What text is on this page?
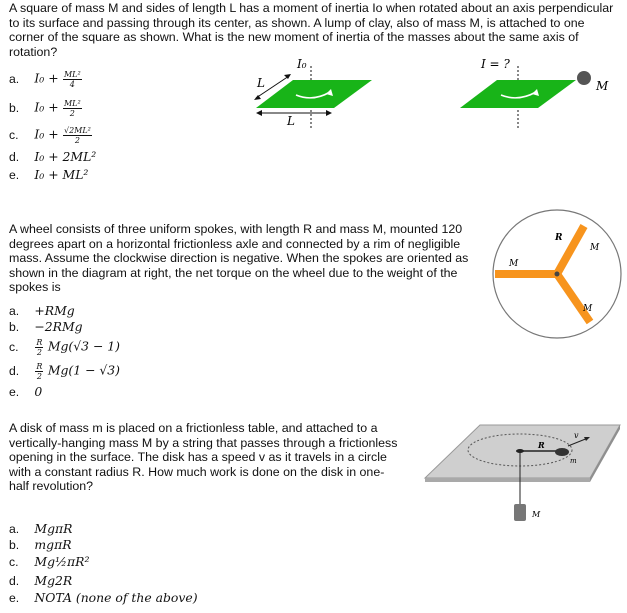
A square of mass M and sides of length L has a moment of inertia Io when rotated about an axis perpendicular to its surface and passing through its center, as shown. A lump of clay, also of mass M, is attached to one corner of the square as shown. What is the new moment of inertia of the masses about the same axis of rotation?
a. $I_0 + \frac{\text{ML²}}{4}$
b. $I_0 + \frac{\text{ML²}}{2}$
c. $I_0 + \frac{\text{√2ML²}}{2}$
d. I₀ + 2ML²
e. I₀ + ML²
I₀
L
L
I = ?
M
A wheel consists of three uniform spokes, with length R and mass M, mounted 120 degrees apart on a horizontal frictionless axle and connected by a rim of negligible mass. Assume the clockwise direction is negative. When the spokes are oriented as shown in the diagram at right, the net torque on the wheel due to the weight of the spokes is
a. +RMg
b. −2RMg
c. $\frac{R}{2} Mg(√3 - 1)$
d. $\frac{R}{2} Mg(1 - √3)$
e. 0
R
M
M
M
A disk of mass m is placed on a frictionless table, and attached to a vertically-hanging mass M by a string that passes through a frictionless opening in the surface. The disk has a speed v as it travels in a circle with a constant radius R. How much work is done on the disk in one-half revolution?
a. MgπR
b. mgπR
c. Mg½πR²
d. Mg2R
e. NOTA (none of the above)
v
R
m
M
